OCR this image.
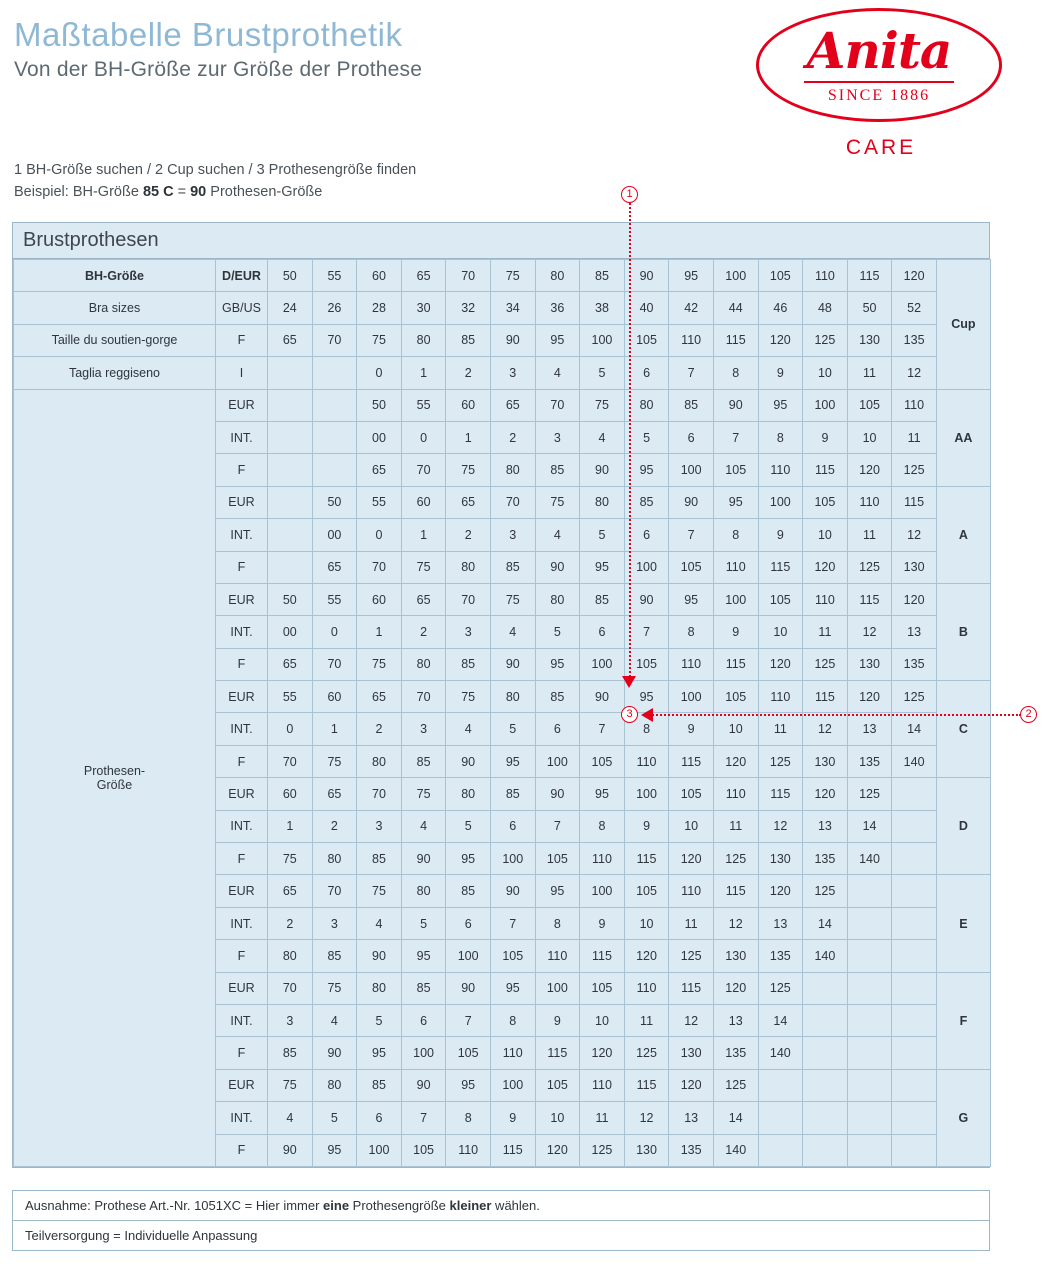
Maßtabelle Brustprothetik

Von der BH-Größe zur Größe der Prothese

1 BH-Größe suchen / 2 Cup suchen / 3 Prothesengröße finden
Beispiel: BH-Größe 85 C = 90 Prothesen-Größe
Anita
SINCE 1886
CARE
Brustprothesen
BH-Größe	D/EUR	50	55	60	65	70	75	80	85	90	95	100	105	110	115	120	Cup
Bra sizes	GB/US	24	26	28	30	32	34	36	38	40	42	44	46	48	50	52	
Taille du soutien-gorge	F	65	70	75	80	85	90	95	100	105	110	115	120	125	130	135	
Taglia reggiseno	I			0	1	2	3	4	5	6	7	8	9	10	11	12	
Prothesen-
Größe	EUR			50	55	60	65	70	75	80	85	90	95	100	105	110	AA
	INT.			00	0	1	2	3	4	5	6	7	8	9	10	11	
	F			65	70	75	80	85	90	95	100	105	110	115	120	125	
	EUR		50	55	60	65	70	75	80	85	90	95	100	105	110	115	A
	INT.		00	0	1	2	3	4	5	6	7	8	9	10	11	12	
	F		65	70	75	80	85	90	95	100	105	110	115	120	125	130	
	EUR	50	55	60	65	70	75	80	85	90	95	100	105	110	115	120	B
	INT.	00	0	1	2	3	4	5	6	7	8	9	10	11	12	13	
	F	65	70	75	80	85	90	95	100	105	110	115	120	125	130	135	
	EUR	55	60	65	70	75	80	85	90	95	100	105	110	115	120	125	C
	INT.	0	1	2	3	4	5	6	7	8	9	10	11	12	13	14	
	F	70	75	80	85	90	95	100	105	110	115	120	125	130	135	140	
	EUR	60	65	70	75	80	85	90	95	100	105	110	115	120	125		D
	INT.	1	2	3	4	5	6	7	8	9	10	11	12	13	14		
	F	75	80	85	90	95	100	105	110	115	120	125	130	135	140		
	EUR	65	70	75	80	85	90	95	100	105	110	115	120	125			E
	INT.	2	3	4	5	6	7	8	9	10	11	12	13	14			
	F	80	85	90	95	100	105	110	115	120	125	130	135	140			
	EUR	70	75	80	85	90	95	100	105	110	115	120	125				F
	INT.	3	4	5	6	7	8	9	10	11	12	13	14				
	F	85	90	95	100	105	110	115	120	125	130	135	140				
	EUR	75	80	85	90	95	100	105	110	115	120	125					G
	INT.	4	5	6	7	8	9	10	11	12	13	14					
	F	90	95	100	105	110	115	120	125	130	135	140					
Ausnahme: Prothese Art.-Nr. 1051XC = Hier immer eine Prothesengröße kleiner wählen.
Teilversorgung = Individuelle Anpassung
1
2
3
